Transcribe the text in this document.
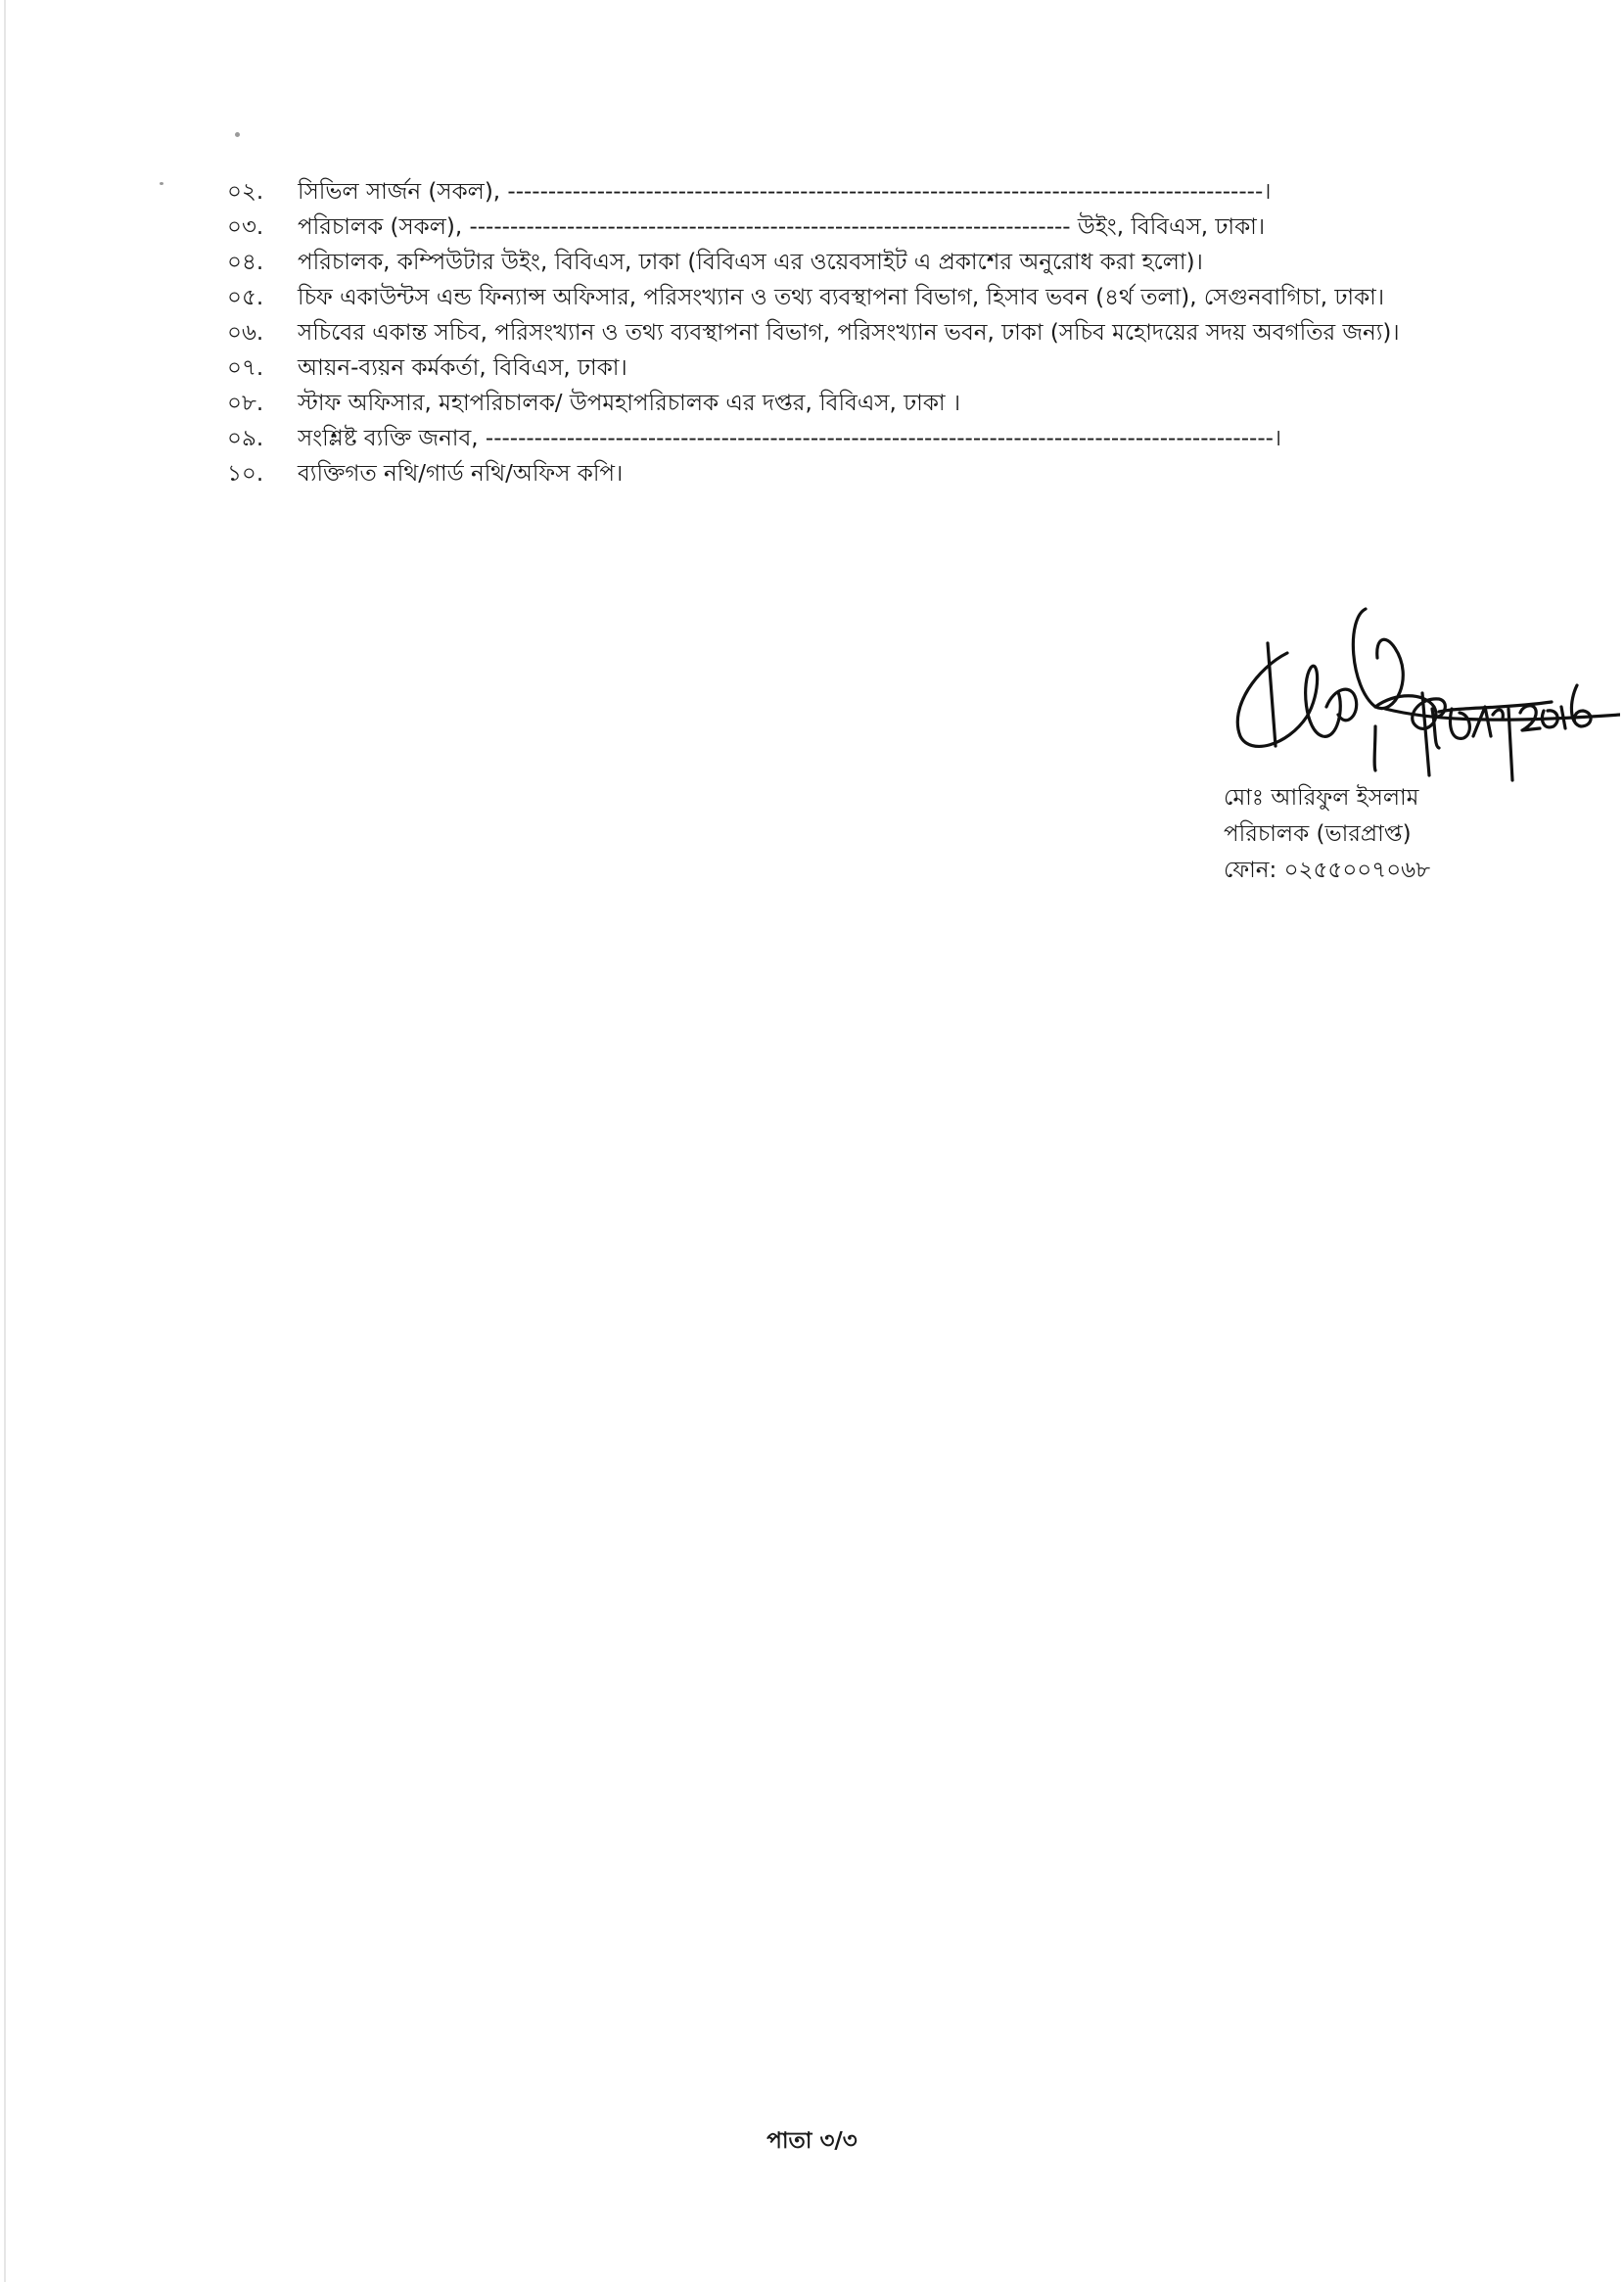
০২.	সিভিল সার্জন (সকল), ---------------------------------------------------------------------------------------------।
০৩.	পরিচালক (সকল), -------------------------------------------------------------------------- উইং, বিবিএস, ঢাকা।
০৪.	পরিচালক, কম্পিউটার উইং, বিবিএস, ঢাকা (বিবিএস এর ওয়েবসাইট এ প্রকাশের অনুরোধ করা হলো)।
০৫.	চিফ একাউন্টস এন্ড ফিন্যান্স অফিসার, পরিসংখ্যান ও তথ্য ব্যবস্থাপনা বিভাগ, হিসাব ভবন (৪র্থ তলা), সেগুনবাগিচা, ঢাকা।
০৬.	সচিবের একান্ত সচিব, পরিসংখ্যান ও তথ্য ব্যবস্থাপনা বিভাগ, পরিসংখ্যান ভবন, ঢাকা (সচিব মহোদয়ের সদয় অবগতির জন্য)।
০৭.	আয়ন-ব্যয়ন কর্মকর্তা, বিবিএস, ঢাকা।
০৮.	স্টাফ অফিসার, মহাপরিচালক/ উপমহাপরিচালক এর দপ্তর, বিবিএস, ঢাকা ।
০৯.	সংশ্লিষ্ট ব্যক্তি জনাব, -------------------------------------------------------------------------------------------------।
১০.	ব্যক্তিগত নথি/গার্ড নথি/অফিস কপি।
মোঃ আরিফুল ইসলাম
পরিচালক (ভারপ্রাপ্ত)
ফোন: ০২৫৫০০৭০৬৮
পাতা ৩/৩
